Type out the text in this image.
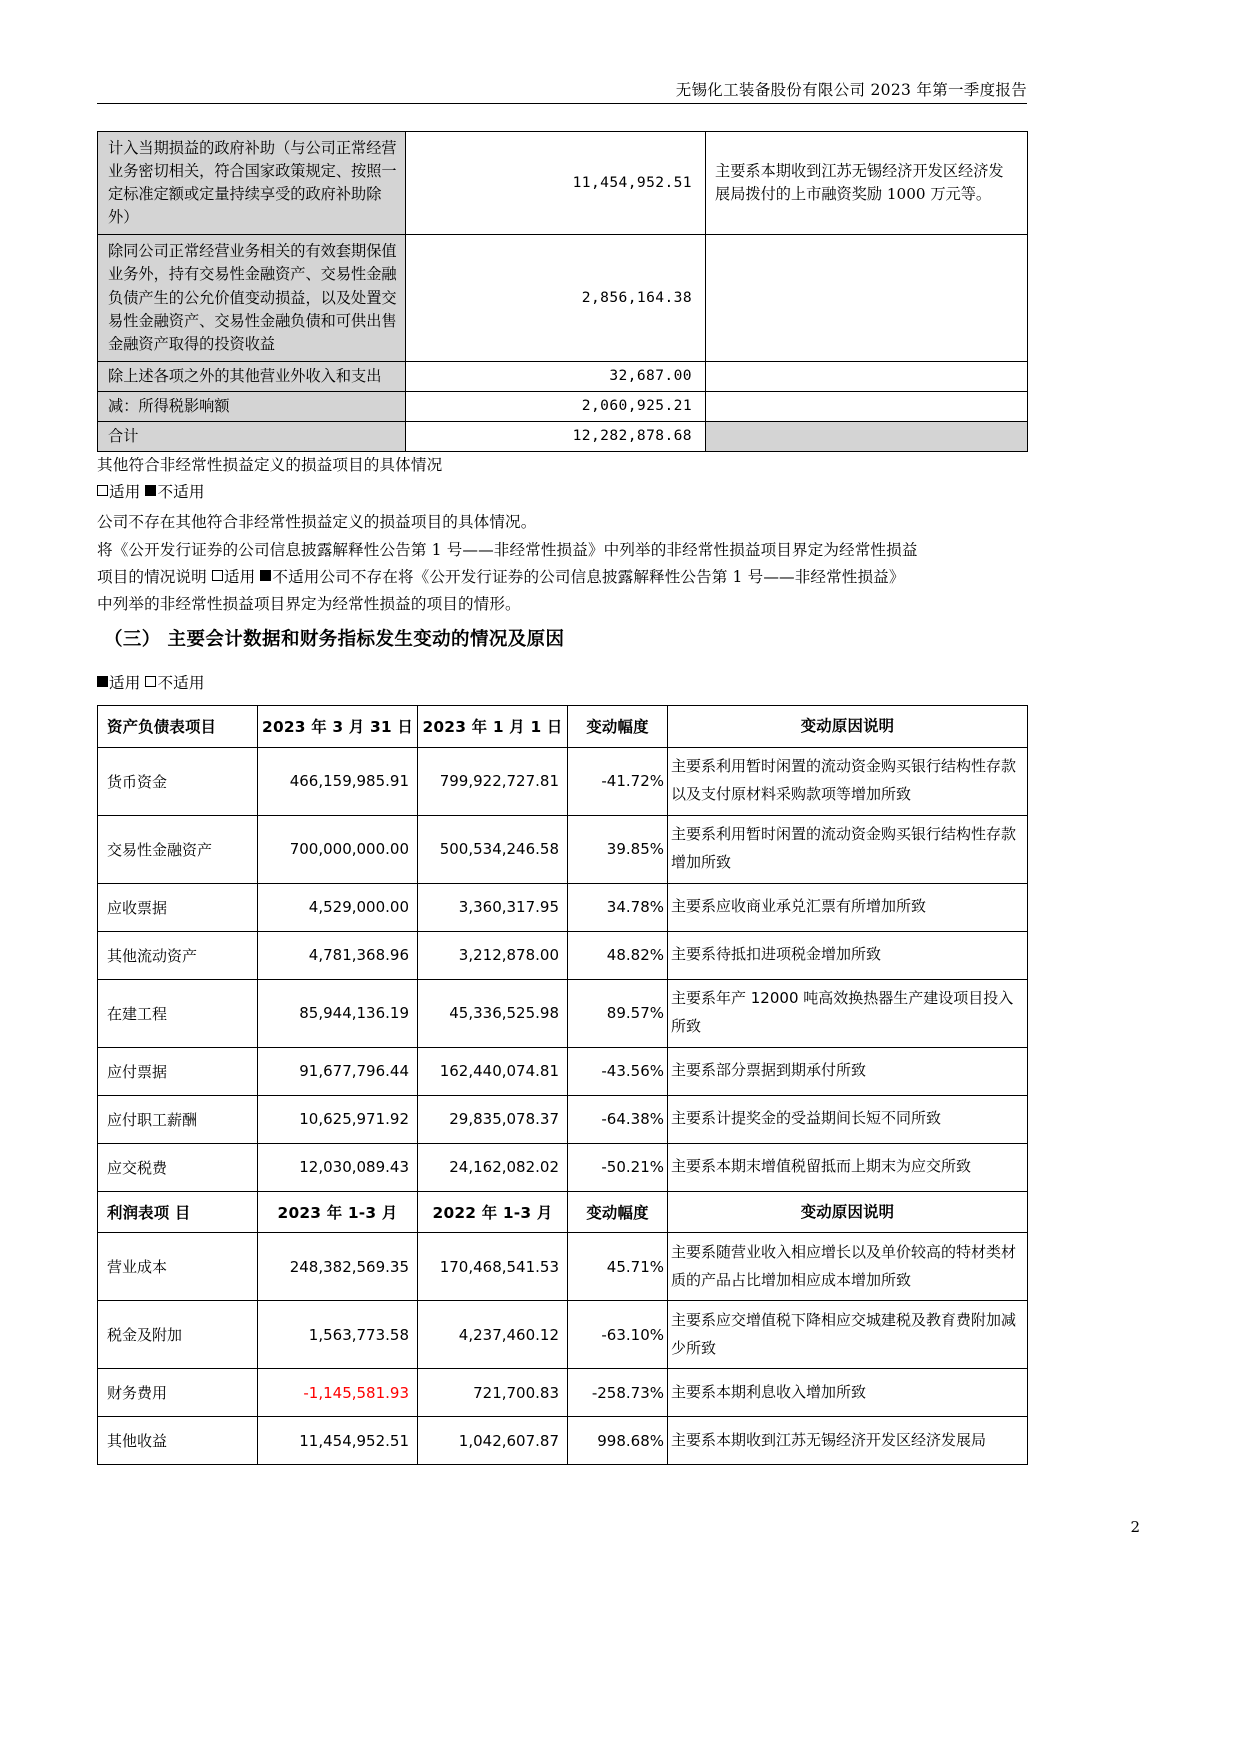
无锡化工装备股份有限公司 2023 年第一季度报告
计入当期损益的政府补助（与公司正常经营业务密切相关，符合国家政策规定、按照一定标准定额或定量持续享受的政府补助除外）	11,454,952.51	主要系本期收到江苏无锡经济开发区经济发展局拨付的上市融资奖励 1000 万元等。
除同公司正常经营业务相关的有效套期保值业务外，持有交易性金融资产、交易性金融负债产生的公允价值变动损益，以及处置交易性金融资产、交易性金融负债和可供出售金融资产取得的投资收益	2,856,164.38	
除上述各项之外的其他营业外收入和支出	32,687.00	
减：所得税影响额	2,060,925.21	
合计	12,282,878.68	
其他符合非经常性损益定义的损益项目的具体情况
适用 不适用
公司不存在其他符合非经常性损益定义的损益项目的具体情况。
将《公开发行证券的公司信息披露解释性公告第 1 号——非经常性损益》中列举的非经常性损益项目界定为经常性损益
项目的情况说明 适用 不适用公司不存在将《公开发行证券的公司信息披露解释性公告第 1 号——非经常性损益》
中列举的非经常性损益项目界定为经常性损益的项目的情形。
（三） 主要会计数据和财务指标发生变动的情况及原因
适用 不适用
资产负债表项目	2023 年 3 月 31 日	2023 年 1 月 1 日	变动幅度	变动原因说明
货币资金	466,159,985.91	799,922,727.81	-41.72%	主要系利用暂时闲置的流动资金购买银行结构性存款以及支付原材料采购款项等增加所致
交易性金融资产	700,000,000.00	500,534,246.58	39.85%	主要系利用暂时闲置的流动资金购买银行结构性存款增加所致
应收票据	4,529,000.00	3,360,317.95	34.78%	主要系应收商业承兑汇票有所增加所致
其他流动资产	4,781,368.96	3,212,878.00	48.82%	主要系待抵扣进项税金增加所致
在建工程	85,944,136.19	45,336,525.98	89.57%	主要系年产 12000 吨高效换热器生产建设项目投入所致
应付票据	91,677,796.44	162,440,074.81	-43.56%	主要系部分票据到期承付所致
应付职工薪酬	10,625,971.92	29,835,078.37	-64.38%	主要系计提奖金的受益期间长短不同所致
应交税费	12,030,089.43	24,162,082.02	-50.21%	主要系本期末增值税留抵而上期末为应交所致
利润表项 目	2023 年 1-3 月	2022 年 1-3 月	变动幅度	变动原因说明
营业成本	248,382,569.35	170,468,541.53	45.71%	主要系随营业收入相应增长以及单价较高的特材类材质的产品占比增加相应成本增加所致
税金及附加	1,563,773.58	4,237,460.12	-63.10%	主要系应交增值税下降相应交城建税及教育费附加减少所致
财务费用	-1,145,581.93	721,700.83	-258.73%	主要系本期利息收入增加所致
其他收益	11,454,952.51	1,042,607.87	998.68%	主要系本期收到江苏无锡经济开发区经济发展局
2
